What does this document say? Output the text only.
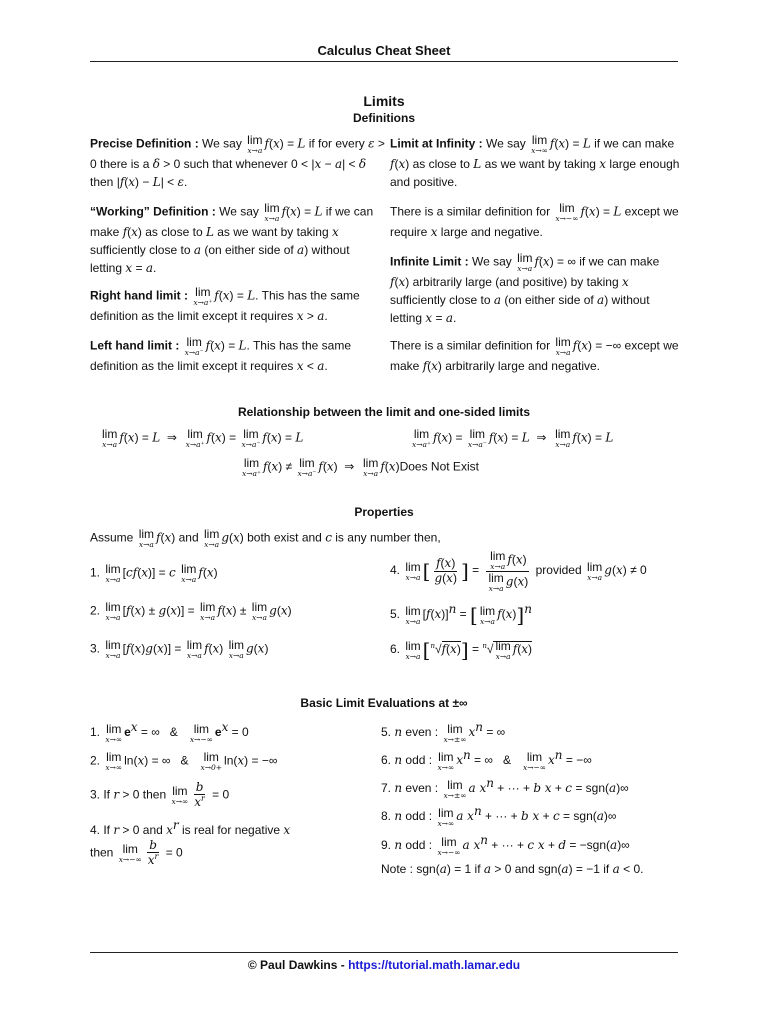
Calculus Cheat Sheet
Limits
Definitions
Precise Definition : We say lim
x→a
f(x) = L if for every ε > 0 there is a δ > 0 such that whenever 0 < |x − a| < δ then |f(x) − L| < ε.
“Working” Definition : We say lim
x→a
f(x) = L if we can make f(x) as close to L as we want by taking x sufficiently close to a (on either side of a) without letting x = a.
Right hand limit : lim
x→a⁺
f(x) = L. This has the same definition as the limit except it requires x > a.
Left hand limit : lim
x→a⁻
f(x) = L. This has the same definition as the limit except it requires x < a.
Limit at Infinity : We say lim
x→∞
f(x) = L if we can make f(x) as close to L as we want by taking x large enough and positive.
There is a similar definition for lim
x→−∞
f(x) = L except we require x large and negative.
Infinite Limit : We say lim
x→a
f(x) = ∞ if we can make f(x) arbitrarily large (and positive) by taking x sufficiently close to a (on either side of a) without letting x = a.
There is a similar definition for lim
x→a
f(x) = −∞ except we make f(x) arbitrarily large and negative.
Relationship between the limit and one-sided limits
lim
x→a
f(x) = L  ⇒ lim
x→a⁺
f(x) = lim
x→a⁻
f(x) = L	lim
x→a⁺
f(x) = lim
x→a⁻
f(x) = L  ⇒ lim
x→a
f(x) = L
lim
x→a⁺
f(x) ≠ lim
x→a⁻
f(x)  ⇒ lim
x→a
f(x)Does Not Exist
Properties
Assume lim
x→a
f(x) and lim
x→a
g(x) both exist and c is any number then,
1. lim
x→a
[cf(x)] = c lim
x→a
f(x)
2. lim
x→a
[f(x) ± g(x)] = lim
x→a
f(x) ± lim
x→a
g(x)
3. lim
x→a
[f(x)g(x)] = lim
x→a
f(x) lim
x→a
g(x)
4. lim
x→a [ $\frac{f(x)}{g(x)}$ ] = lim
x→a
f(x)
lim
x→a
g(x) provided lim
x→a
g(x) ≠ 0
5. lim
x→a
$[f(x)]^n$ = [ lim
x→a
f(x)]$^n$
6. lim
x→a [$^n$√f(x)] = $^n$√ lim
x→a
f(x)
Basic Limit Evaluations at ±∞
1. lim
x→∞
$e^x$ = ∞   & lim
x→−∞
$e^x = 0$
2. lim
x→∞
ln(x) = ∞   & lim
x→0+
ln(x) = −∞
3. If r > 0 then lim
$x\to\infty \frac{b}{x^r} = 0$
4. If r > 0 and $x^r$ is real for negative x
then lim
$x\to-\infty \frac{b}{x^r} = 0$
5. n even : lim
x→±∞
$x^n$ = ∞
6. n odd : lim
x→∞
$x^n$ = ∞   & lim
x→−∞
$x^n$ = −∞
7. n even : lim
x→±∞
a $x^n$ + ··· + b x + c = sgn(a)∞
8. n odd : lim
x→∞
a $x^n$ + ··· + b x + c = sgn(a)∞
9. n odd : lim
x→−∞
a $x^n$ + ··· + c x + d = −sgn(a)∞
Note : sgn(a) = 1 if a > 0 and sgn(a) = −1 if a < 0.
© Paul Dawkins - https://tutorial.math.lamar.edu
